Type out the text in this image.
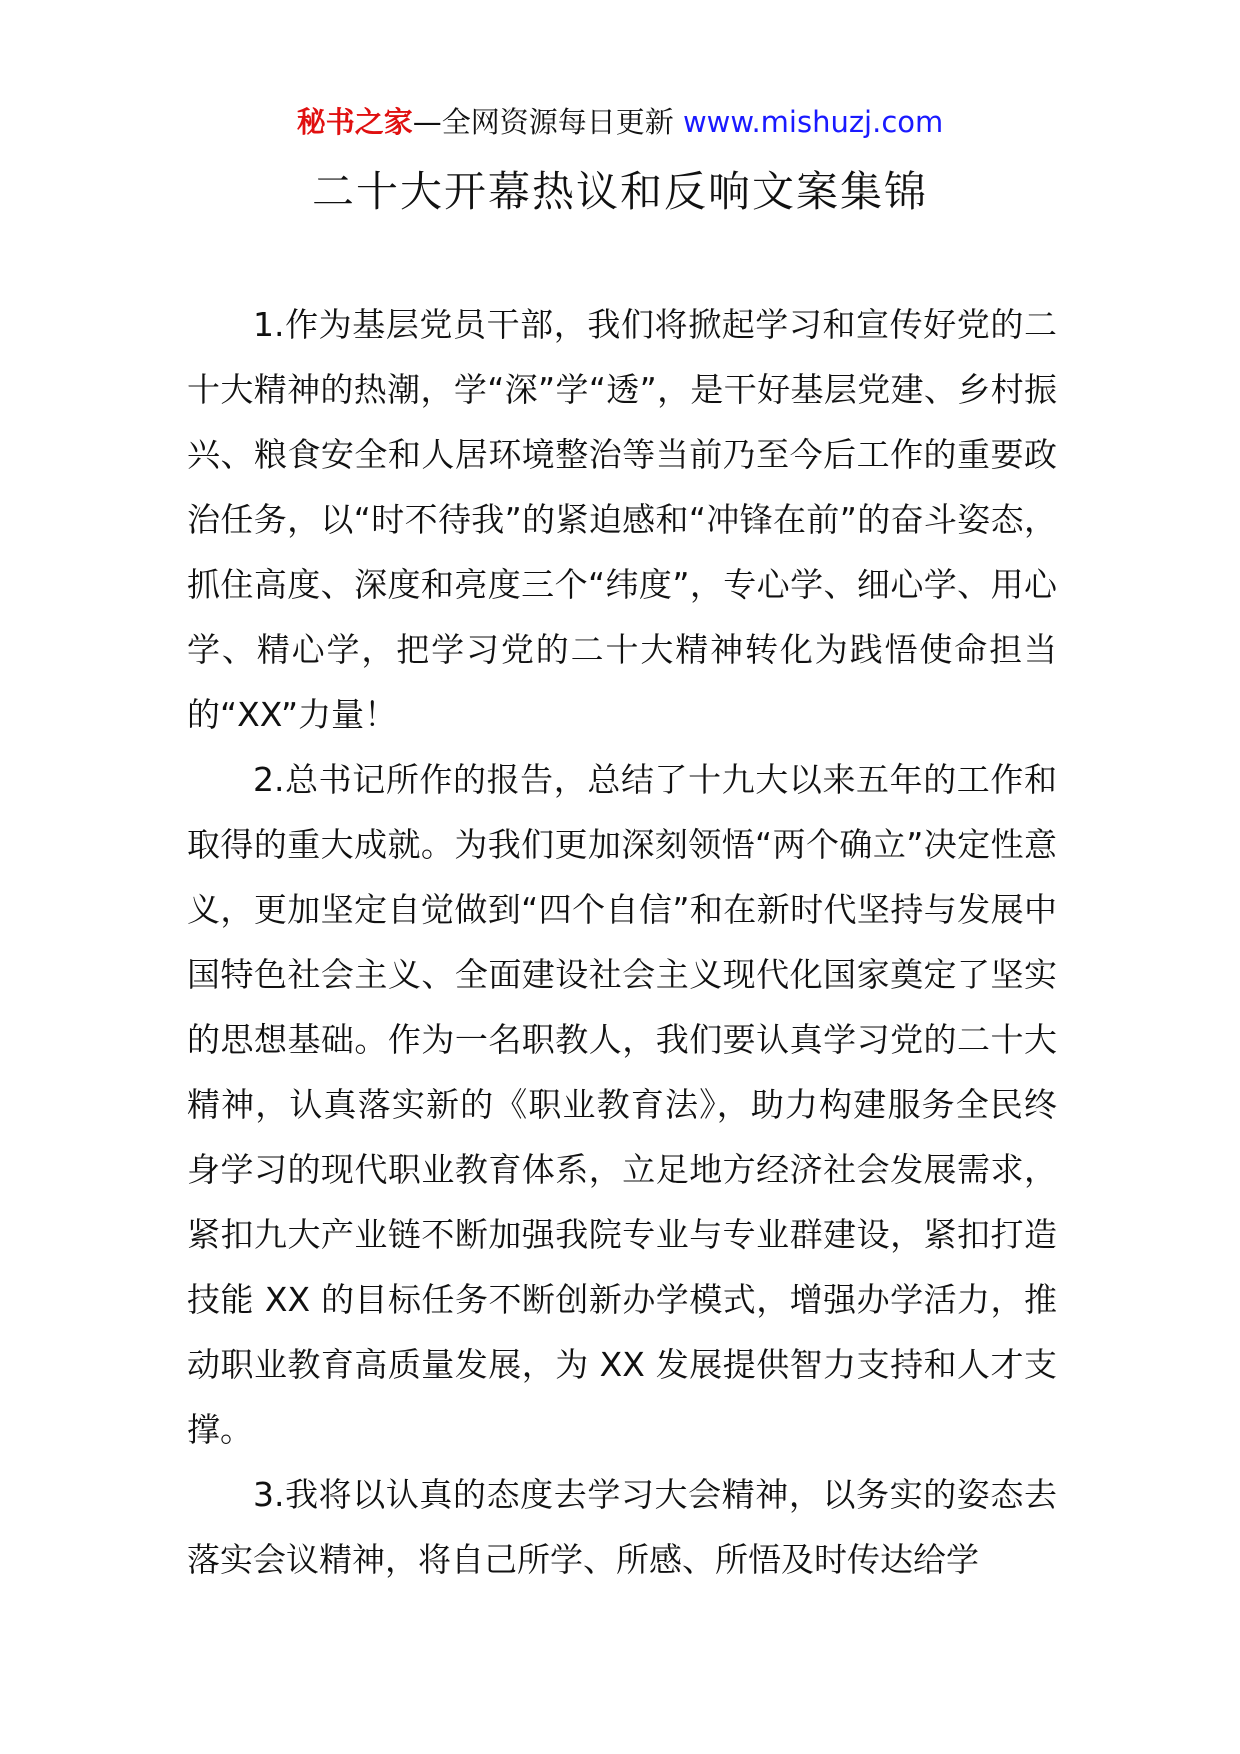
秘书之家—全网资源每日更新 www.mishuzj.com
二十大开幕热议和反响文案集锦

1.作为基层党员干部，我们将掀起学习和宣传好党的二十大精神的热潮，学“深”学“透”，是干好基层党建、乡村振兴、粮食安全和人居环境整治等当前乃至今后工作的重要政治任务，以“时不待我”的紧迫感和“冲锋在前”的奋斗姿态，抓住高度、深度和亮度三个“纬度”，专心学、细心学、用心学、精心学，把学习党的二十大精神转化为践悟使命担当的“XX”力量！

2.总书记所作的报告，总结了十九大以来五年的工作和取得的重大成就。为我们更加深刻领悟“两个确立”决定性意义，更加坚定自觉做到“四个自信”和在新时代坚持与发展中国特色社会主义、全面建设社会主义现代化国家奠定了坚实的思想基础。作为一名职教人，我们要认真学习党的二十大精神，认真落实新的《职业教育法》，助力构建服务全民终身学习的现代职业教育体系，立足地方经济社会发展需求，紧扣九大产业链不断加强我院专业与专业群建设，紧扣打造技能 XX 的目标任务不断创新办学模式，增强办学活力，推动职业教育高质量发展，为 XX 发展提供智力支持和人才支撑。

3.我将以认真的态度去学习大会精神，以务实的姿态去落实会议精神，将自己所学、所感、所悟及时传达给学
